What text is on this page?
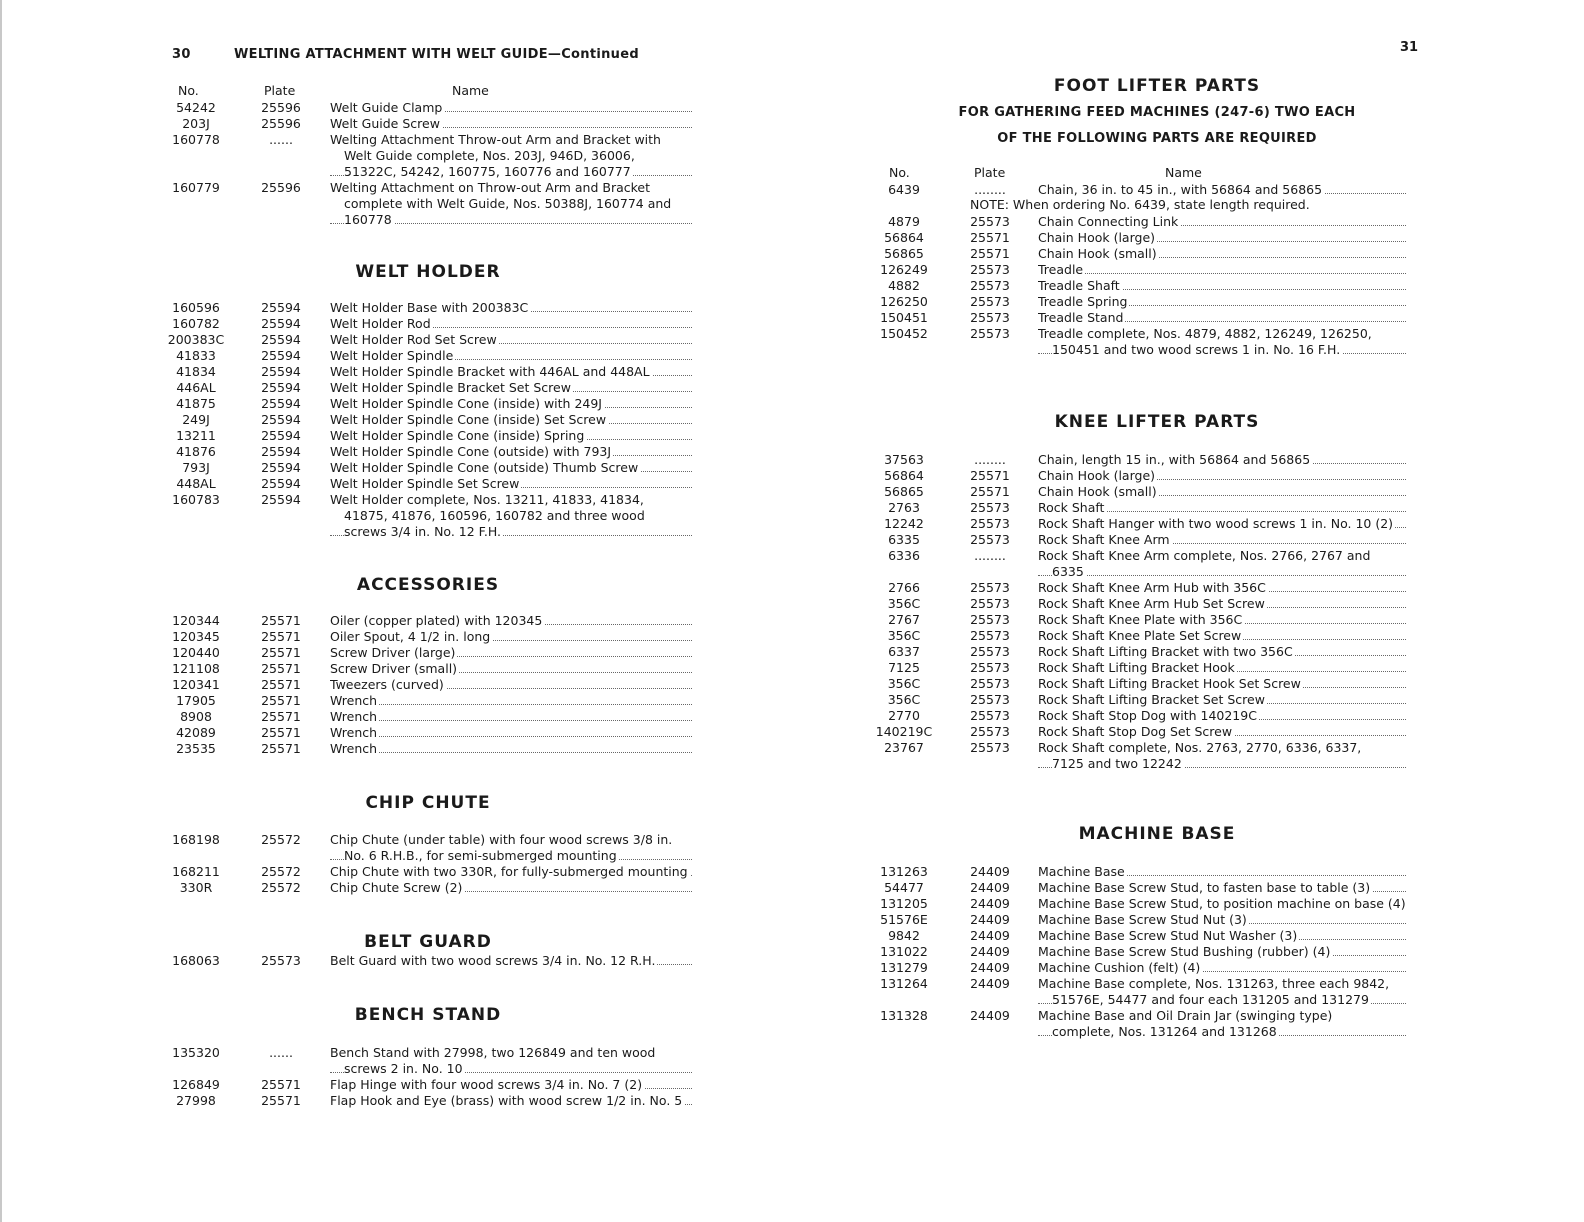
30	WELTING ATTACHMENT WITH WELT GUIDE—Continued
No.	Plate	Name
54242	25596	Welt Guide Clamp
203J	25596	Welt Guide Screw
160778	......	Welting Attachment Throw-out Arm and Bracket with
Welt Guide complete, Nos. 203J, 946D, 36006,
51322C, 54242, 160775, 160776 and 160777
160779	25596	Welting Attachment on Throw-out Arm and Bracket
complete with Welt Guide, Nos. 50388J, 160774 and
160778
WELT HOLDER
160596	25594	Welt Holder Base with 200383C
160782	25594	Welt Holder Rod
200383C	25594	Welt Holder Rod Set Screw
41833	25594	Welt Holder Spindle
41834	25594	Welt Holder Spindle Bracket with 446AL and 448AL
446AL	25594	Welt Holder Spindle Bracket Set Screw
41875	25594	Welt Holder Spindle Cone (inside) with 249J
249J	25594	Welt Holder Spindle Cone (inside) Set Screw
13211	25594	Welt Holder Spindle Cone (inside) Spring
41876	25594	Welt Holder Spindle Cone (outside) with 793J
793J	25594	Welt Holder Spindle Cone (outside) Thumb Screw
448AL	25594	Welt Holder Spindle Set Screw
160783	25594	Welt Holder complete, Nos. 13211, 41833, 41834,
41875, 41876, 160596, 160782 and three wood
screws 3/4 in. No. 12 F.H.
ACCESSORIES
120344	25571	Oiler (copper plated) with 120345
120345	25571	Oiler Spout, 4 1/2 in. long
120440	25571	Screw Driver (large)
121108	25571	Screw Driver (small)
120341	25571	Tweezers (curved)
17905	25571	Wrench
8908	25571	Wrench
42089	25571	Wrench
23535	25571	Wrench
CHIP CHUTE
168198	25572	Chip Chute (under table) with four wood screws 3/8 in.
No. 6 R.H.B., for semi-submerged mounting
168211	25572	Chip Chute with two 330R, for fully-submerged mounting
330R	25572	Chip Chute Screw (2)
BELT GUARD
168063	25573	Belt Guard with two wood screws 3/4 in. No. 12 R.H.
BENCH STAND
135320	......	Bench Stand with 27998, two 126849 and ten wood
screws 2 in. No. 10
126849	25571	Flap Hinge with four wood screws 3/4 in. No. 7 (2)
27998	25571	Flap Hook and Eye (brass) with wood screw 1/2 in. No. 5
31
FOOT LIFTER PARTS
FOR GATHERING FEED MACHINES (247-6) TWO EACH
OF THE FOLLOWING PARTS ARE REQUIRED
No.	Plate	Name
6439	........	Chain, 36 in. to 45 in., with 56864 and 56865
NOTE: When ordering No. 6439, state length required.
4879	25573	Chain Connecting Link
56864	25571	Chain Hook (large)
56865	25571	Chain Hook (small)
126249	25573	Treadle
4882	25573	Treadle Shaft
126250	25573	Treadle Spring
150451	25573	Treadle Stand
150452	25573	Treadle complete, Nos. 4879, 4882, 126249, 126250,
150451 and two wood screws 1 in. No. 16 F.H.
KNEE LIFTER PARTS
37563	........	Chain, length 15 in., with 56864 and 56865
56864	25571	Chain Hook (large)
56865	25571	Chain Hook (small)
2763	25573	Rock Shaft
12242	25573	Rock Shaft Hanger with two wood screws 1 in. No. 10 (2)
6335	25573	Rock Shaft Knee Arm
6336	........	Rock Shaft Knee Arm complete, Nos. 2766, 2767 and
6335
2766	25573	Rock Shaft Knee Arm Hub with 356C
356C	25573	Rock Shaft Knee Arm Hub Set Screw
2767	25573	Rock Shaft Knee Plate with 356C
356C	25573	Rock Shaft Knee Plate Set Screw
6337	25573	Rock Shaft Lifting Bracket with two 356C
7125	25573	Rock Shaft Lifting Bracket Hook
356C	25573	Rock Shaft Lifting Bracket Hook Set Screw
356C	25573	Rock Shaft Lifting Bracket Set Screw
2770	25573	Rock Shaft Stop Dog with 140219C
140219C	25573	Rock Shaft Stop Dog Set Screw
23767	25573	Rock Shaft complete, Nos. 2763, 2770, 6336, 6337,
7125 and two 12242
MACHINE BASE
131263	24409	Machine Base
54477	24409	Machine Base Screw Stud, to fasten base to table (3)
131205	24409	Machine Base Screw Stud, to position machine on base (4)
51576E	24409	Machine Base Screw Stud Nut (3)
9842	24409	Machine Base Screw Stud Nut Washer (3)
131022	24409	Machine Base Screw Stud Bushing (rubber) (4)
131279	24409	Machine Cushion (felt) (4)
131264	24409	Machine Base complete, Nos. 131263, three each 9842,
51576E, 54477 and four each 131205 and 131279
131328	24409	Machine Base and Oil Drain Jar (swinging type)
complete, Nos. 131264 and 131268
